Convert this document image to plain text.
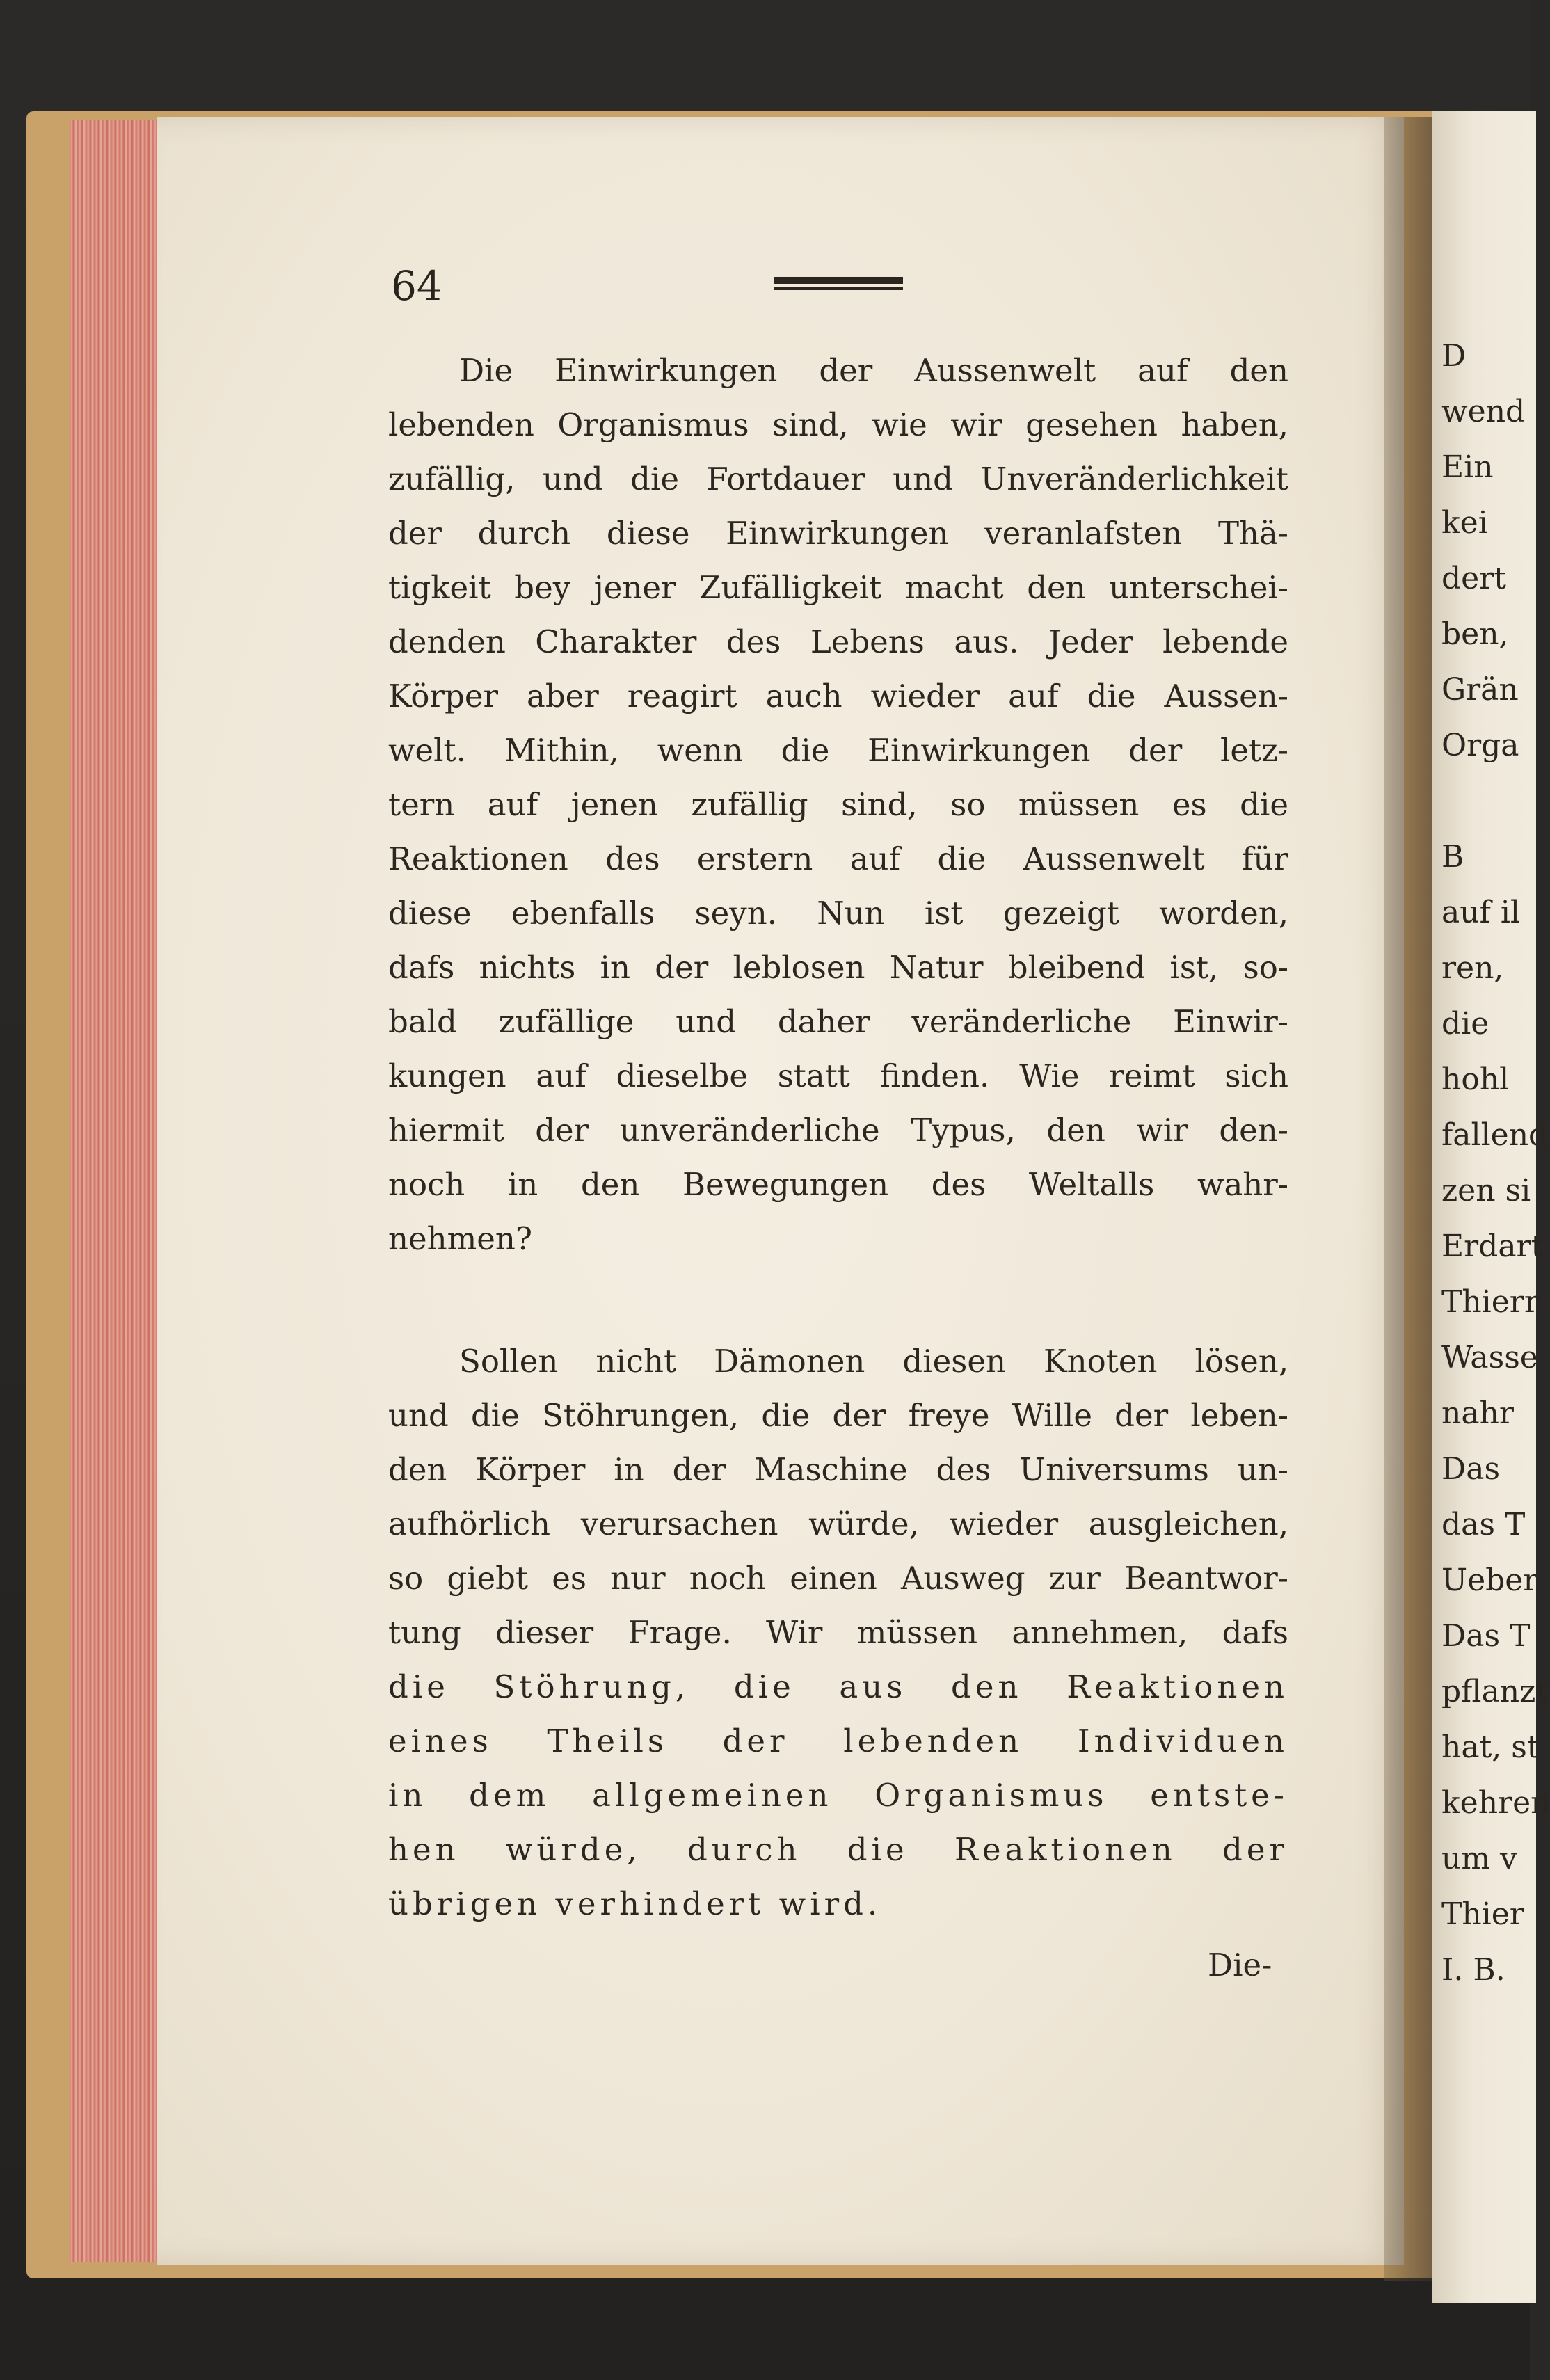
D
wend
Ein
kei
dert
ben,
Grän
Orga
B
auf il
ren,
die
hohl
fallend
zen si
Erdart
Thierr
Wasse
nahr
Das
das T
Ueber
Das T
pflanzt
hat, st
kehren
um v
Thier
I. B.
64
Die-
Die Einwirkungen der Aussenwelt auf den
lebenden Organismus sind, wie wir gesehen haben,
zufällig, und die Fortdauer und Unveränderlichkeit
der durch diese Einwirkungen veranlafsten Thä-
tigkeit bey jener Zufälligkeit macht den unterschei-
denden Charakter des Lebens aus. Jeder lebende
Körper aber reagirt auch wieder auf die Aussen-
welt. Mithin, wenn die Einwirkungen der letz-
tern auf jenen zufällig sind, so müssen es die
Reaktionen des erstern auf die Aussenwelt für
diese ebenfalls seyn. Nun ist gezeigt worden,
dafs nichts in der leblosen Natur bleibend ist, so-
bald zufällige und daher veränderliche Einwir-
kungen auf dieselbe statt finden. Wie reimt sich
hiermit der unveränderliche Typus, den wir den-
noch in den Bewegungen des Weltalls wahr-
nehmen?
Sollen nicht Dämonen diesen Knoten lösen,
und die Stöhrungen, die der freye Wille der leben-
den Körper in der Maschine des Universums un-
aufhörlich verursachen würde, wieder ausgleichen,
so giebt es nur noch einen Ausweg zur Beantwor-
tung dieser Frage. Wir müssen annehmen, dafs
die Stöhrung, die aus den Reaktionen
eines Theils der lebenden Individuen
in dem allgemeinen Organismus entste-
hen würde, durch die Reaktionen der
übrigen verhindert wird.
